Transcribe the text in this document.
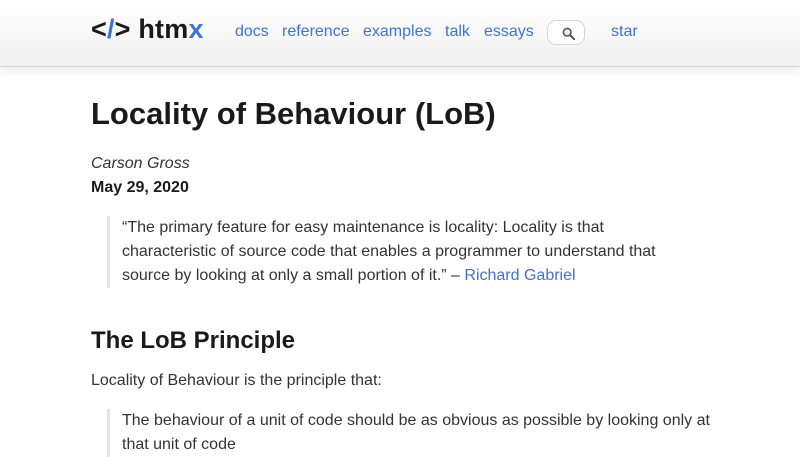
</> htmx docs reference examples talk essays	star
Locality of Behaviour (LoB)
Carson Gross
May 29, 2020
“The primary feature for easy maintenance is locality: Locality is that characteristic of source code that enables a programmer to understand that source by looking at only a small portion of it.” – Richard Gabriel
The LoB Principle
Locality of Behaviour is the principle that:
The behaviour of a unit of code should be as obvious as possible by looking only at that unit of code
